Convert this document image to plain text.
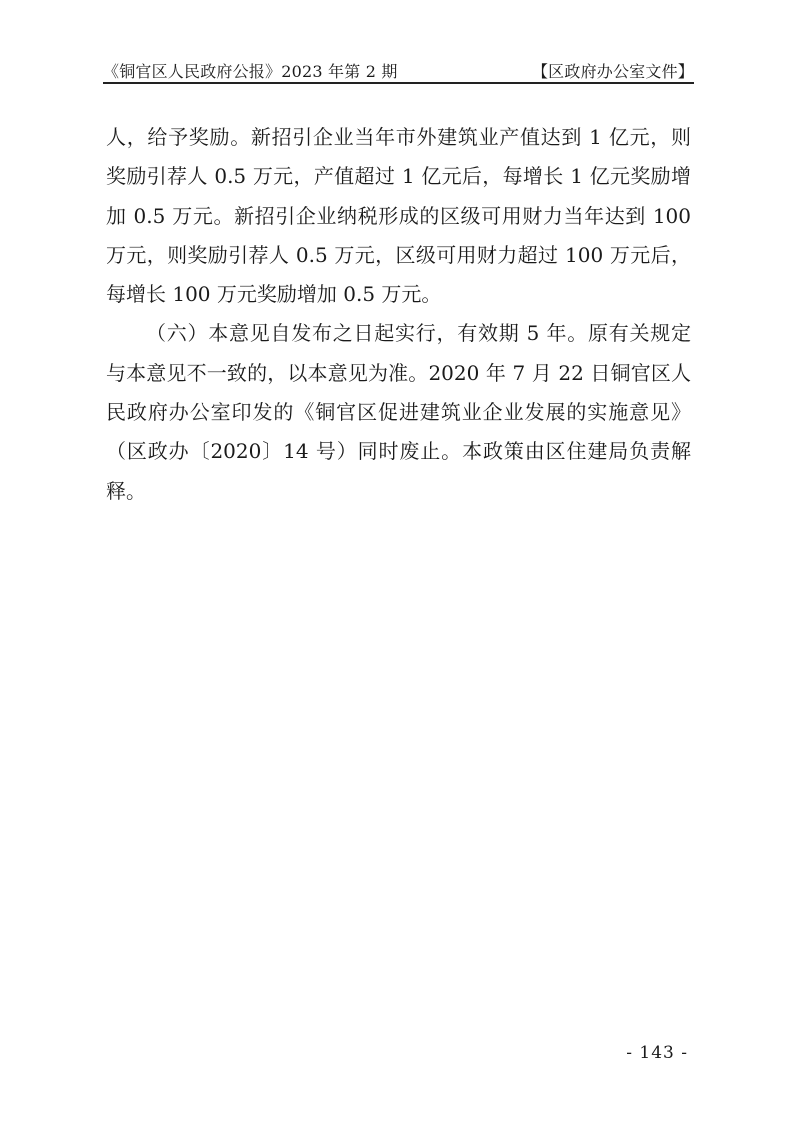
《铜官区人民政府公报》2023 年第 2 期	【区政府办公室文件】

人，给予奖励。新招引企业当年市外建筑业产值达到 1 亿元，则奖励引荐人 0.5 万元，产值超过 1 亿元后，每增长 1 亿元奖励增加 0.5 万元。新招引企业纳税形成的区级可用财力当年达到 100 万元，则奖励引荐人 0.5 万元，区级可用财力超过 100 万元后，每增长 100 万元奖励增加 0.5 万元。

（六）本意见自发布之日起实行，有效期 5 年。原有关规定与本意见不一致的，以本意见为准。2020 年 7 月 22 日铜官区人民政府办公室印发的《铜官区促进建筑业企业发展的实施意见》（区政办〔2020〕14 号）同时废止。本政策由区住建局负责解释。

- 143 -
